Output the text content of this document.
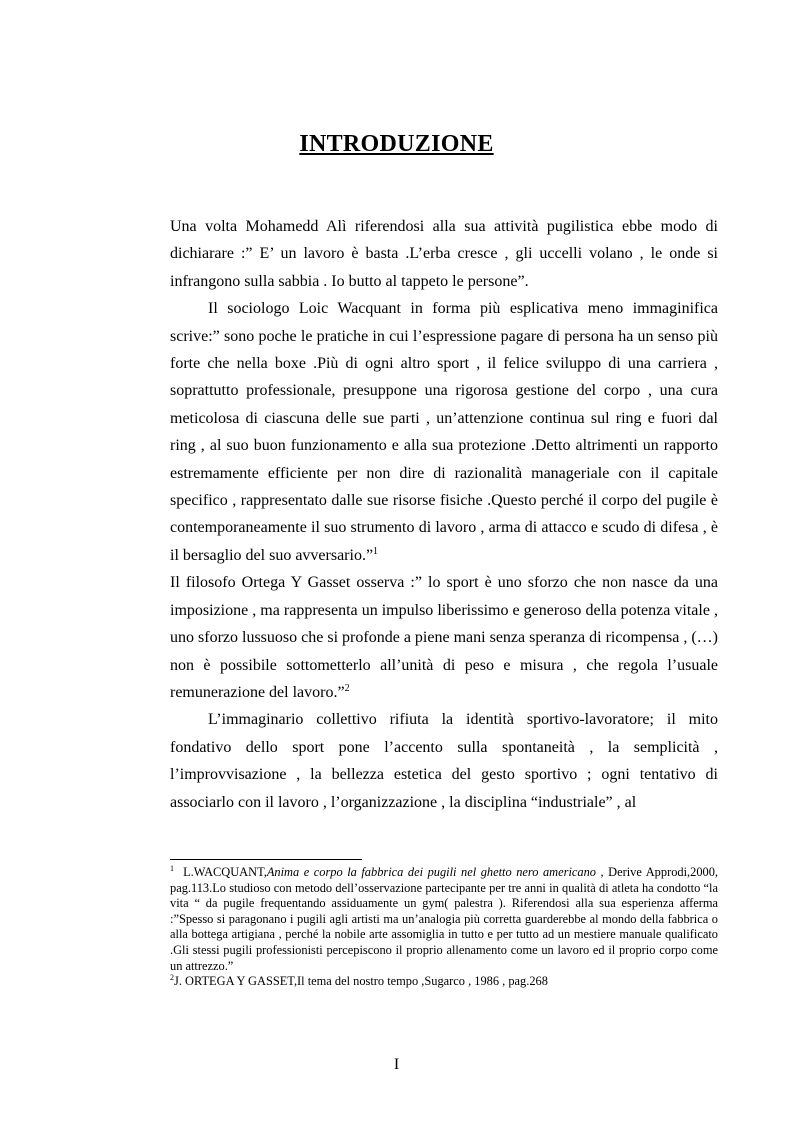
INTRODUZIONE

Una volta Mohamedd Alì riferendosi alla sua attività pugilistica ebbe modo di dichiarare :” E’ un lavoro è basta .L’erba cresce , gli uccelli volano , le onde si infrangono sulla sabbia . Io butto al tappeto le persone”.

Il sociologo Loic Wacquant in forma più esplicativa meno immaginifica scrive:” sono poche le pratiche in cui l’espressione pagare di persona ha un senso più forte che nella boxe .Più di ogni altro sport , il felice sviluppo di una carriera , soprattutto professionale, presuppone una rigorosa gestione del corpo , una cura meticolosa di ciascuna delle sue parti , un’attenzione continua sul ring e fuori dal ring , al suo buon funzionamento e alla sua protezione .Detto altrimenti un rapporto estremamente efficiente per non dire di razionalità manageriale con il capitale specifico , rappresentato dalle sue risorse fisiche .Questo perché il corpo del pugile è contemporaneamente il suo strumento di lavoro , arma di attacco e scudo di difesa , è il bersaglio del suo avversario.”$^1$

Il filosofo Ortega Y Gasset osserva :” lo sport è uno sforzo che non nasce da una imposizione , ma rappresenta un impulso liberissimo e generoso della potenza vitale , uno sforzo lussuoso che si profonde a piene mani senza speranza di ricompensa , (…) non è possibile sottometterlo all’unità di peso e misura , che regola l’usuale remunerazione del lavoro.”$^2$

L’immaginario collettivo rifiuta la identità sportivo-lavoratore; il mito fondativo dello sport pone l’accento sulla spontaneità , la semplicità , l’improvvisazione , la bellezza estetica del gesto sportivo ; ogni tentativo di associarlo con il lavoro , l’organizzazione , la disciplina “industriale” , al

$^1$ L.WACQUANT,Anima e corpo la fabbrica dei pugili nel ghetto nero americano , Derive Approdi,2000, pag.113.Lo studioso con metodo dell’osservazione partecipante per tre anni in qualità di atleta ha condotto “la vita “ da pugile frequentando assiduamente un gym( palestra ). Riferendosi alla sua esperienza afferma :”Spesso si paragonano i pugili agli artisti ma un’analogia più corretta guarderebbe al mondo della fabbrica o alla bottega artigiana , perché la nobile arte assomiglia in tutto e per tutto ad un mestiere manuale qualificato .Gli stessi pugili professionisti percepiscono il proprio allenamento come un lavoro ed il proprio corpo come un attrezzo.”

$^2$J. ORTEGA Y GASSET,Il tema del nostro tempo ,Sugarco , 1986 , pag.268

I
